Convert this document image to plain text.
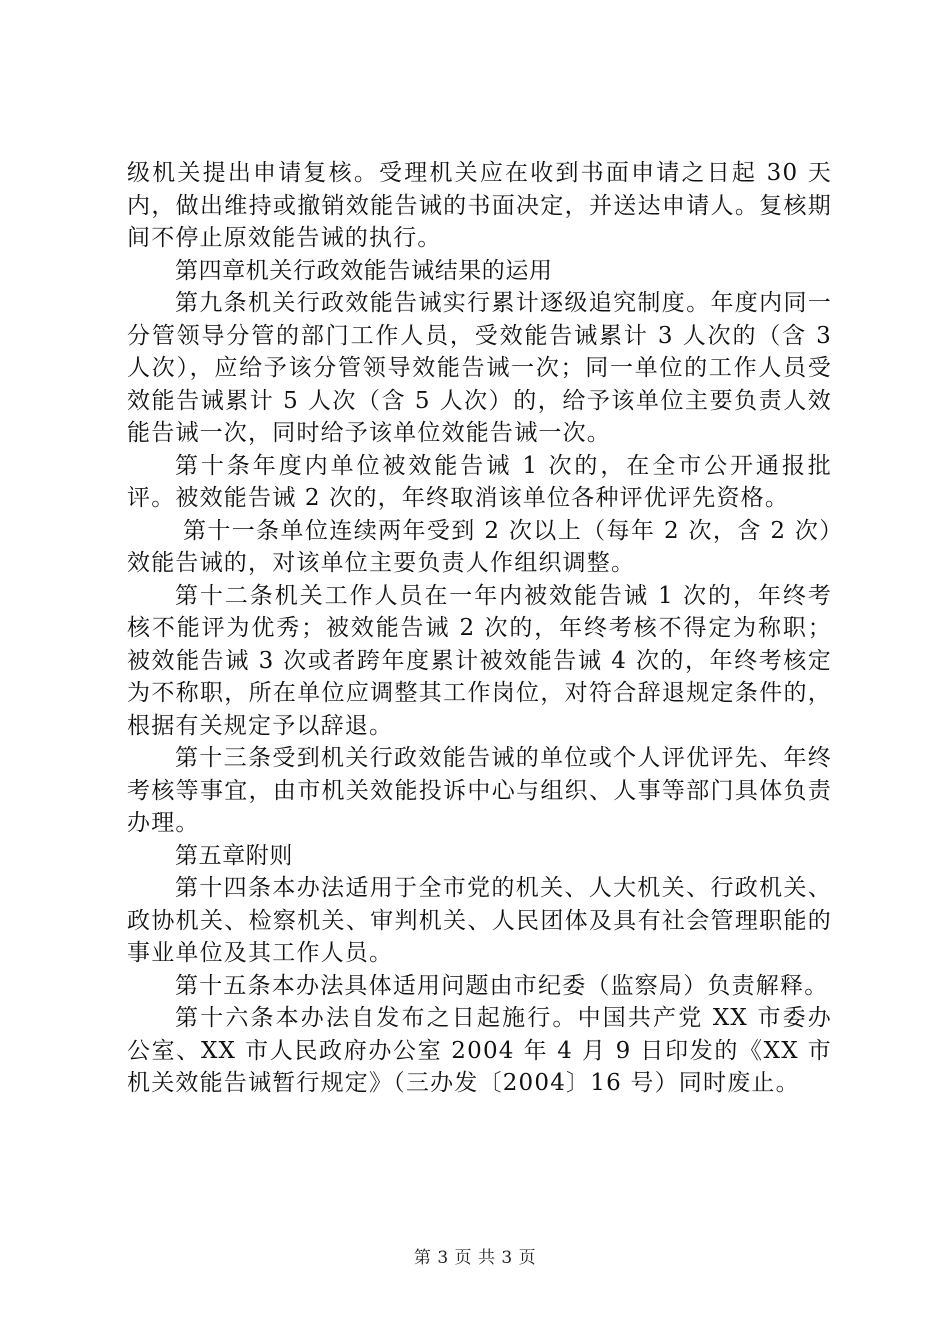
级机关提出申请复核。受理机关应在收到书面申请之日起 30 天内，做出维持或撤销效能告诫的书面决定，并送达申请人。复核期间不停止原效能告诫的执行。

第四章机关行政效能告诫结果的运用

第九条机关行政效能告诫实行累计逐级追究制度。年度内同一分管领导分管的部门工作人员，受效能告诫累计 3 人次的（含 3 人次），应给予该分管领导效能告诫一次；同一单位的工作人员受效能告诫累计 5 人次（含 5 人次）的，给予该单位主要负责人效能告诫一次，同时给予该单位效能告诫一次。

第十条年度内单位被效能告诫 1 次的，在全市公开通报批评。被效能告诫 2 次的，年终取消该单位各种评优评先资格。

第十一条单位连续两年受到 2 次以上（每年 2 次，含 2 次）效能告诫的，对该单位主要负责人作组织调整。

第十二条机关工作人员在一年内被效能告诫 1 次的，年终考核不能评为优秀；被效能告诫 2 次的，年终考核不得定为称职；被效能告诫 3 次或者跨年度累计被效能告诫 4 次的，年终考核定为不称职，所在单位应调整其工作岗位，对符合辞退规定条件的，根据有关规定予以辞退。

第十三条受到机关行政效能告诫的单位或个人评优评先、年终考核等事宜，由市机关效能投诉中心与组织、人事等部门具体负责办理。

第五章附则

第十四条本办法适用于全市党的机关、人大机关、行政机关、政协机关、检察机关、审判机关、人民团体及具有社会管理职能的事业单位及其工作人员。

第十五条本办法具体适用问题由市纪委（监察局）负责解释。

第十六条本办法自发布之日起施行。中国共产党 XX 市委办公室、XX 市人民政府办公室 2004 年 4 月 9 日印发的《XX 市机关效能告诫暂行规定》（三办发〔2004〕16 号）同时废止。

第 3 页 共 3 页
